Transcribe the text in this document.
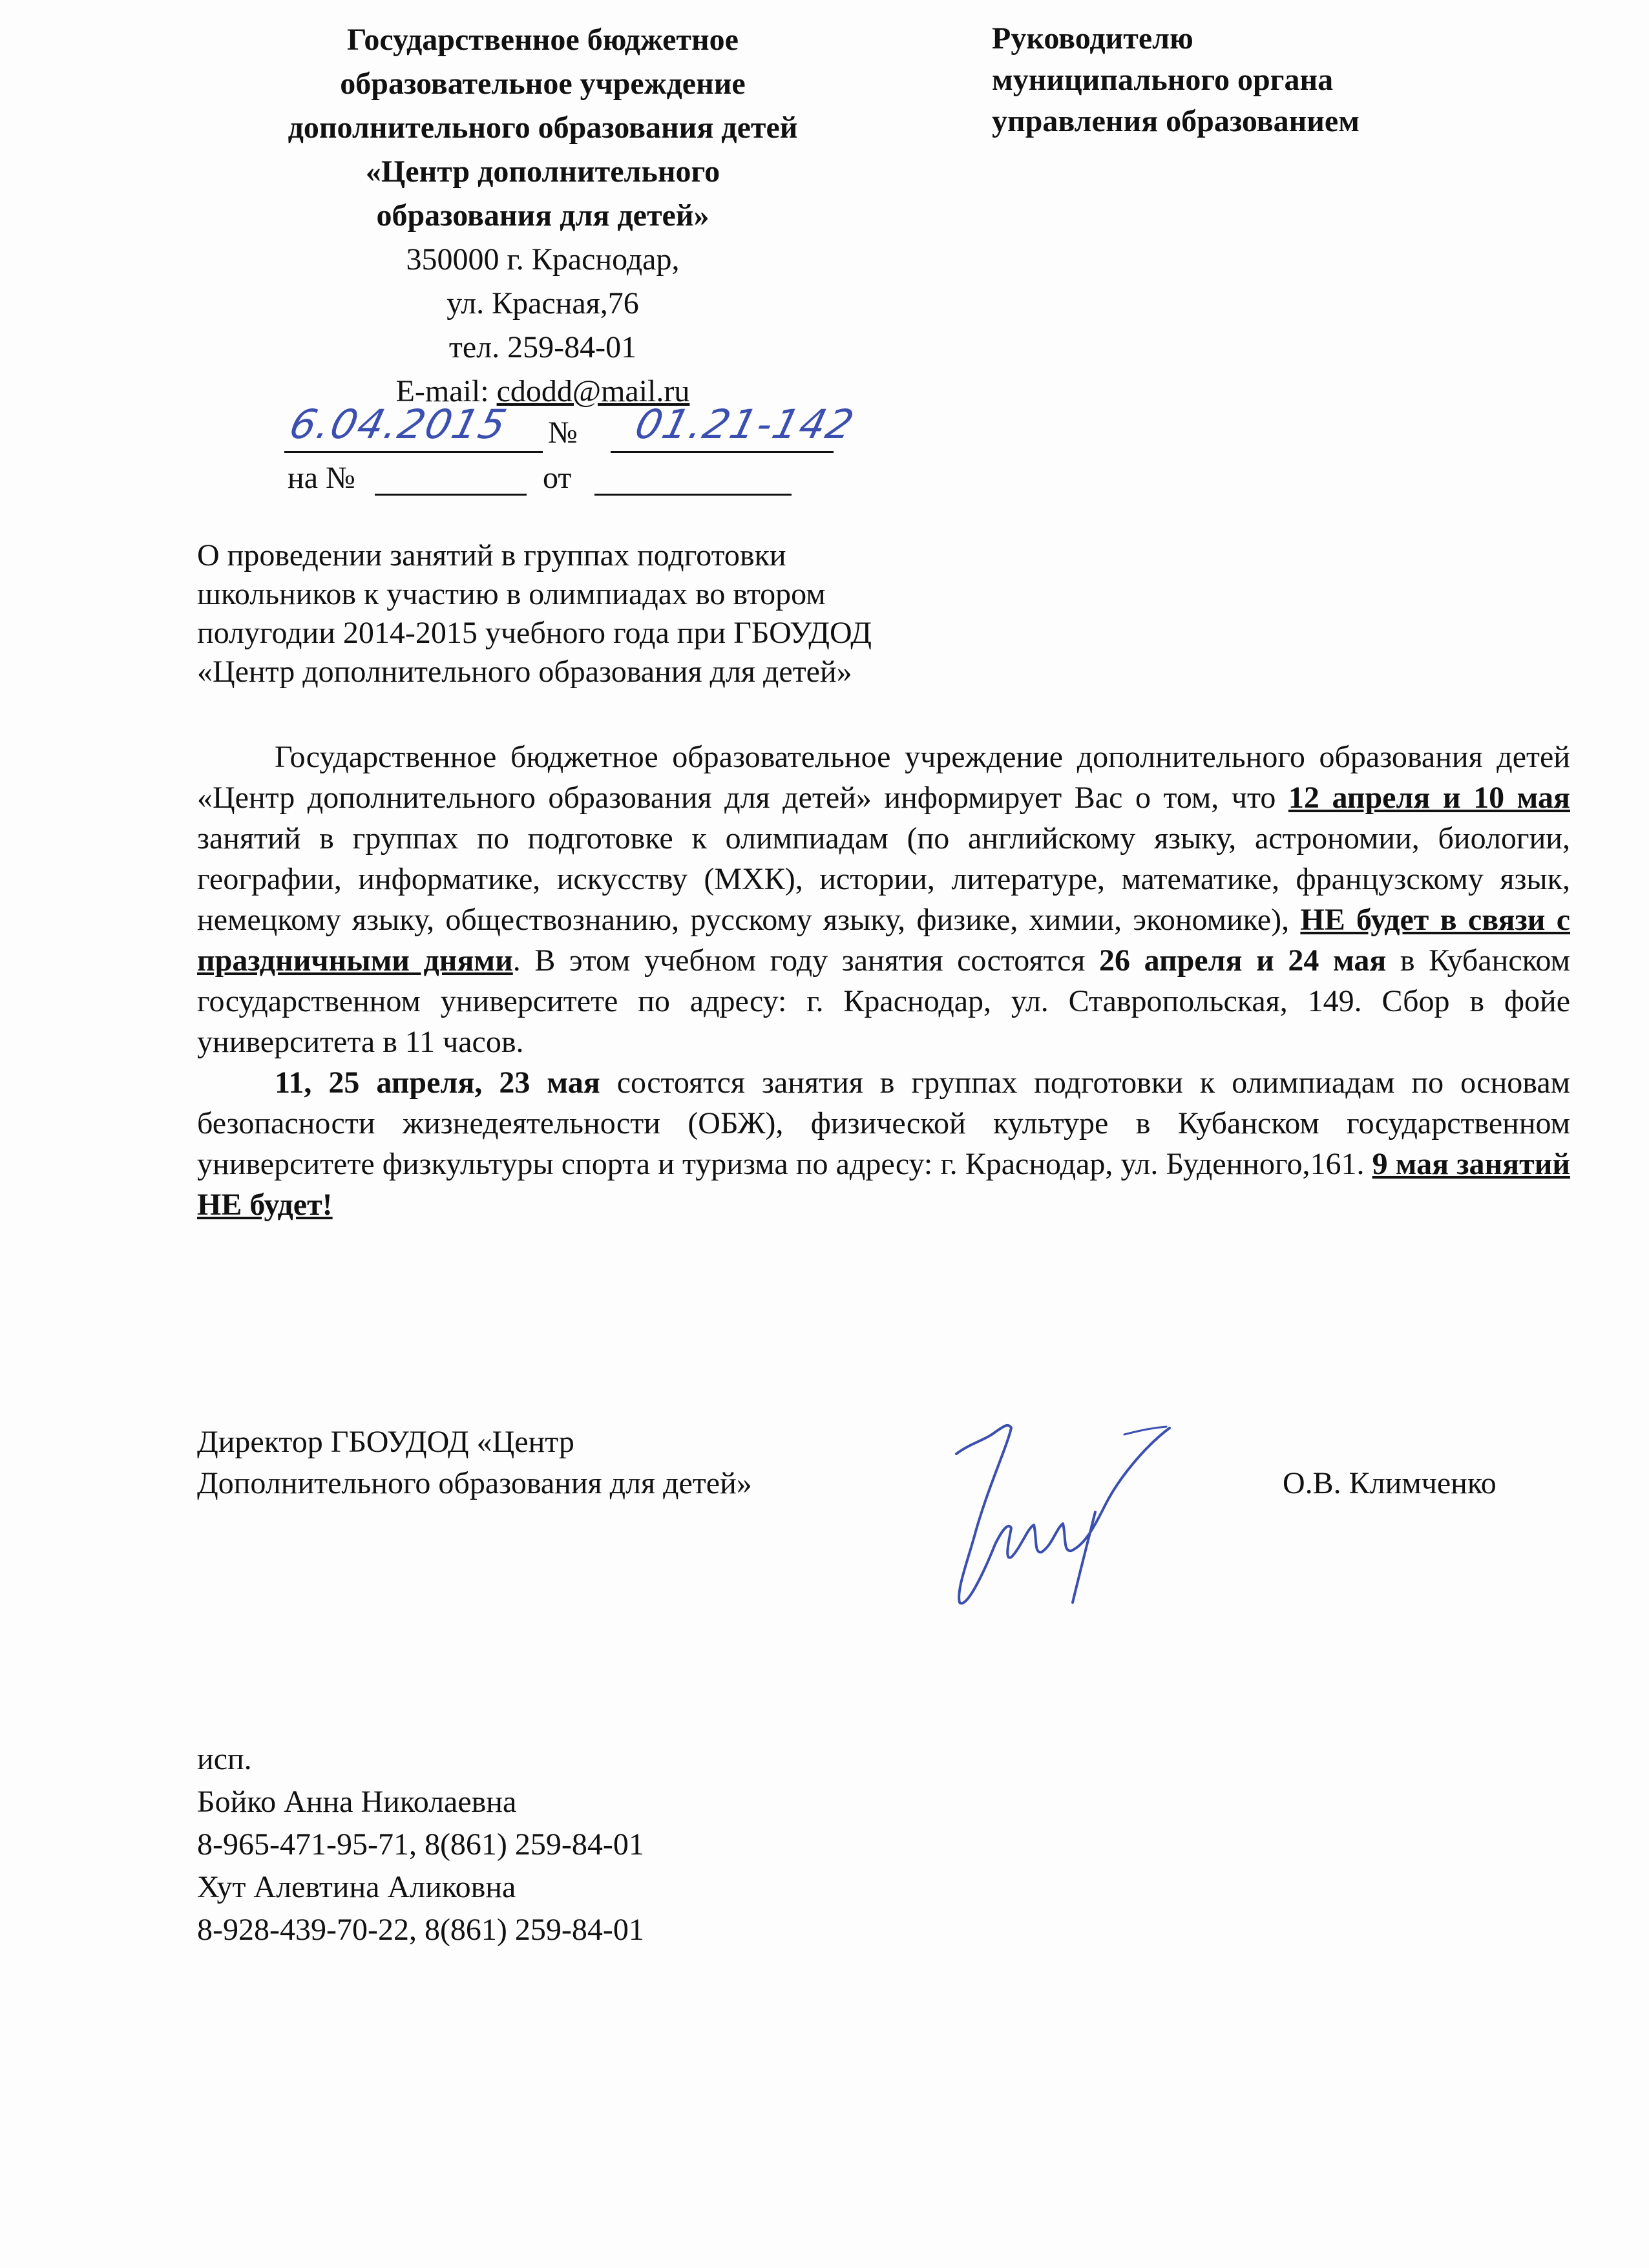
Государственное бюджетное
образовательное учреждение
дополнительного образования детей
«Центр дополнительного
образования для детей»
350000 г. Краснодар,
ул. Красная,76
тел. 259-84-01
E-mail: cdodd@mail.ru
Руководителю
муниципального органа
управления образованием
6.04.2015 № 01.21-142
на №	от
О проведении занятий в группах подготовки
школьников к участию в олимпиадах во втором
полугодии 2014-2015 учебного года при ГБОУДОД
«Центр дополнительного образования для детей»

Государственное бюджетное образовательное учреждение дополнительного образования детей «Центр дополнительного образования для детей» информирует Вас о том, что 12 апреля и 10 мая занятий в группах по подготовке к олимпиадам (по английскому языку, астрономии, биологии, географии, информатике, искусству (МХК), истории, литературе, математике, французскому язык, немецкому языку, обществознанию, русскому языку, физике, химии, экономике), НЕ будет в связи с праздничными днями. В этом учебном году занятия состоятся 26 апреля и 24 мая в Кубанском государственном университете по адресу: г. Краснодар, ул. Ставропольская, 149. Сбор в фойе университета в 11 часов.

11, 25 апреля, 23 мая состоятся занятия в группах подготовки к олимпиадам по основам безопасности жизнедеятельности (ОБЖ), физической культуре в Кубанском государственном университете физкультуры спорта и туризма по адресу: г. Краснодар, ул. Буденного,161. 9 мая занятий НЕ будет!

Директор ГБОУДОД «Центр
Дополнительного образования для детей»	О.В. Климченко
исп.
Бойко Анна Николаевна
8-965-471-95-71, 8(861) 259-84-01
Хут Алевтина Аликовна
8-928-439-70-22, 8(861) 259-84-01
